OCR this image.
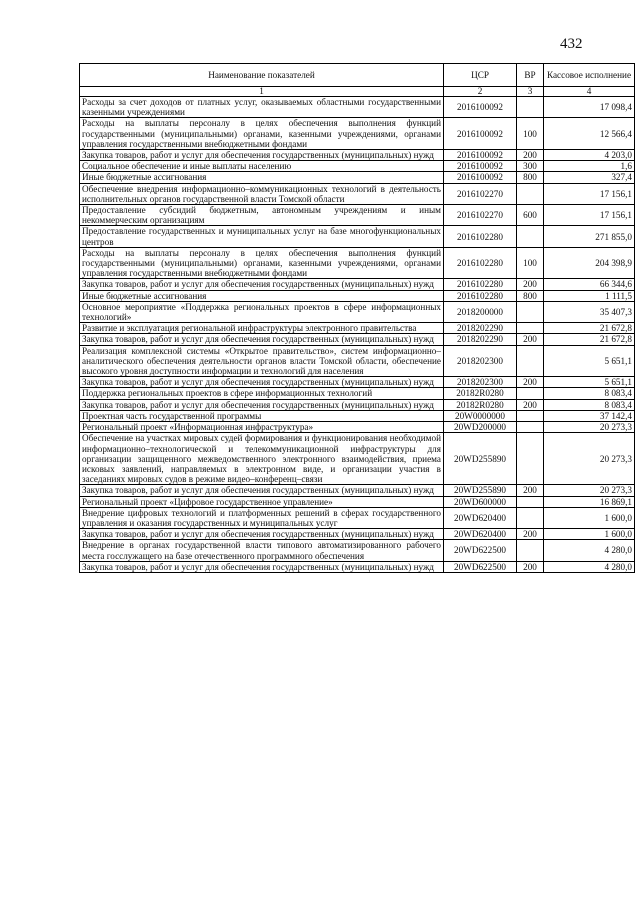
432
Наименование показателей	ЦСР	ВР	Кассовое исполнение
1	2	3	4
Расходы за счет доходов от платных услуг, оказываемых областными государственными казенными учреждениями	2016100092		17 098,4
Расходы на выплаты персоналу в целях обеспечения выполнения функций государственными (муниципальными) органами, казенными учреждениями, органами управления государственными внебюджетными фондами	2016100092	100	12 566,4
Закупка товаров, работ и услуг для обеспечения государственных (муниципальных) нужд	2016100092	200	4 203,0
Социальное обеспечение и иные выплаты населению	2016100092	300	1,6
Иные бюджетные ассигнования	2016100092	800	327,4
Обеспечение внедрения информационно–коммуникационных технологий в деятельность исполнительных органов государственной власти Томской области	2016102270		17 156,1
Предоставление субсидий бюджетным, автономным учреждениям и иным некоммерческим организациям	2016102270	600	17 156,1
Предоставление государственных и муниципальных услуг на базе многофункциональных центров	2016102280		271 855,0
Расходы на выплаты персоналу в целях обеспечения выполнения функций государственными (муниципальными) органами, казенными учреждениями, органами управления государственными внебюджетными фондами	2016102280	100	204 398,9
Закупка товаров, работ и услуг для обеспечения государственных (муниципальных) нужд	2016102280	200	66 344,6
Иные бюджетные ассигнования	2016102280	800	1 111,5
Основное мероприятие «Поддержка региональных проектов в сфере информационных технологий»	2018200000		35 407,3
Развитие и эксплуатация региональной инфраструктуры электронного правительства	2018202290		21 672,8
Закупка товаров, работ и услуг для обеспечения государственных (муниципальных) нужд	2018202290	200	21 672,8
Реализация комплексной системы «Открытое правительство», систем информационно–аналитического обеспечения деятельности органов власти Томской области, обеспечение высокого уровня доступности информации и технологий для населения	2018202300		5 651,1
Закупка товаров, работ и услуг для обеспечения государственных (муниципальных) нужд	2018202300	200	5 651,1
Поддержка региональных проектов в сфере информационных технологий	20182R0280		8 083,4
Закупка товаров, работ и услуг для обеспечения государственных (муниципальных) нужд	20182R0280	200	8 083,4
Проектная часть государственной программы	20W0000000		37 142,4
Региональный проект «Информационная инфраструктура»	20WD200000		20 273,3
Обеспечение на участках мировых судей формирования и функционирования необходимой информационно–технологической и телекоммуникационной инфраструктуры для организации защищенного межведомственного электронного взаимодействия, приема исковых заявлений, направляемых в электронном виде, и организации участия в заседаниях мировых судов в режиме видео–конференц–связи	20WD255890		20 273,3
Закупка товаров, работ и услуг для обеспечения государственных (муниципальных) нужд	20WD255890	200	20 273,3
Региональный проект «Цифровое государственное управление»	20WD600000		16 869,1
Внедрение цифровых технологий и платформенных решений в сферах государственного управления и оказания государственных и муниципальных услуг	20WD620400		1 600,0
Закупка товаров, работ и услуг для обеспечения государственных (муниципальных) нужд	20WD620400	200	1 600,0
Внедрение в органах государственной власти типового автоматизированного рабочего места госслужащего на базе отечественного программного обеспечения	20WD622500		4 280,0
Закупка товаров, работ и услуг для обеспечения государственных (муниципальных) нужд	20WD622500	200	4 280,0
